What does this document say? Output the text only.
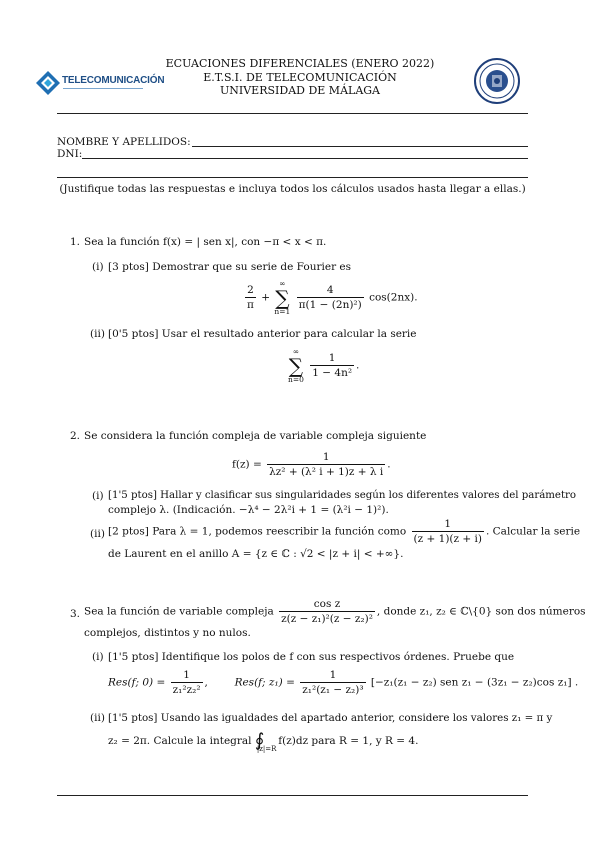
TELECOMUNICACIÓN
ECUACIONES DIFERENCIALES (ENERO 2022)
E.T.S.I. DE TELECOMUNICACIÓN
UNIVERSIDAD DE MÁLAGA
NOMBRE Y APELLIDOS:
DNI:
(Justifique todas las respuestas e incluya todos los cálculos usados hasta llegar a ellas.)
1. Sea la función f(x) = | sen x|, con −π < x < π.
(i) [3 ptos] Demostrar que su serie de Fourier es
$\frac{2}{\pi}$ +
∞
∑
n=1
$\frac{4}{\text{π(1 − (2n)²)}} \cos(2nx)$.
(ii) [0'5 ptos] Usar el resultado anterior para calcular la serie
∞
∑
n=0
$\frac{1}{\text{1 − 4n²}}$ .
2. Se considera la función compleja de variable compleja siguiente
$f(z) = \frac{1}{\text{λz² + (λ² i + 1)z + λ i}}$ .
(i) [1'5 ptos] Hallar y clasificar sus singularidades según los diferentes valores del parámetro
complejo λ. (Indicación. −λ⁴ − 2λ²i + 1 = (λ²i − 1)²).
(ii) [2 ptos] Para λ = 1, podemos reescribir la función como $\frac{1}{(z + 1)(z + i)}$ . Calcular la serie
de Laurent en el anillo A = {z ∈ ℂ : √2 < |z + i| < +∞}.
3. Sea la función de variable compleja $\frac{\text{cos z}}{\text{z(z − z₁)²(z − z₂)²}}$ , donde z₁, z₂ ∈ ℂ\{0} son dos números
complejos, distintos y no nulos.
(i) [1'5 ptos] Identifique los polos de f con sus respectivos órdenes. Pruebe que
Res(f; $0) = \frac{1}{\text{z₁²z₂²}}$ ,	Res(f; $z_1) = \frac{1}{\text{z₁²(z₁ − z₂)³}} [-z_1(z_1 - z_2)$ sen z₁ − (3z₁ − z₂)cos z₁] .
(ii) [1'5 ptos] Usando las igualdades del apartado anterior, considere los valores z₁ = π y
z₂ = 2π. Calcule la integral ∮
|z|=R
f(z)dz para R = 1, y R = 4.
